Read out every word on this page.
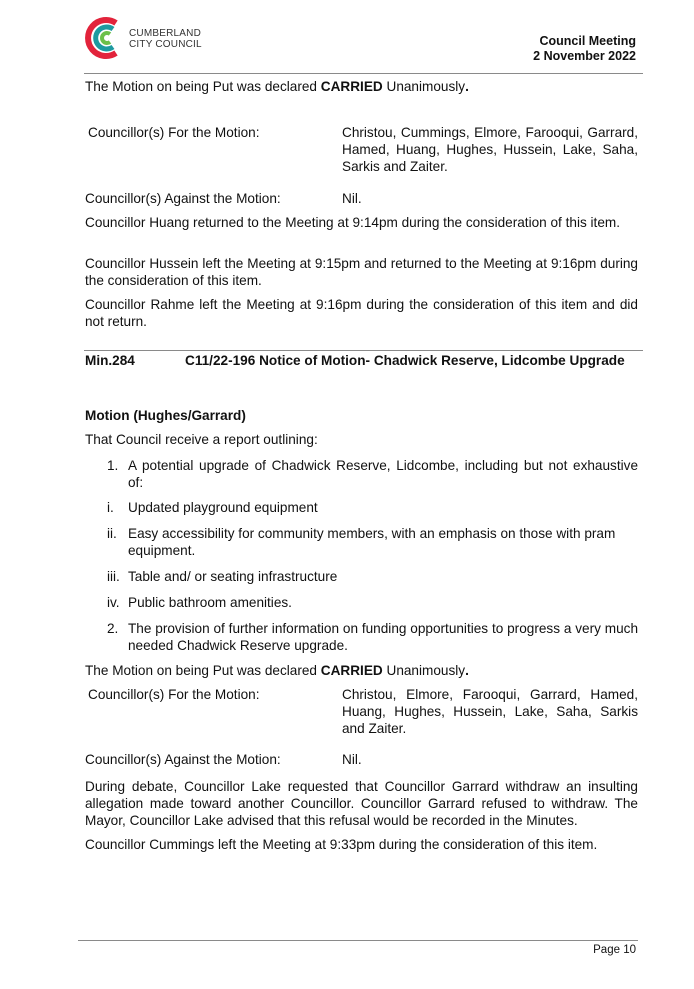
CUMBERLAND
CITY COUNCIL	Council Meeting
2 November 2022
The Motion on being Put was declared CARRIED Unanimously.
Councillor(s) For the Motion:	Christou, Cummings, Elmore, Farooqui, Garrard, Hamed, Huang, Hughes, Hussein, Lake, Saha, Sarkis and Zaiter.
Councillor(s) Against the Motion:	Nil.
Councillor Huang returned to the Meeting at 9:14pm during the consideration of this item.
Councillor Hussein left the Meeting at 9:15pm and returned to the Meeting at 9:16pm during the consideration of this item.
Councillor Rahme left the Meeting at 9:16pm during the consideration of this item and did not return.
Min.284	C11/22-196 Notice of Motion- Chadwick Reserve, Lidcombe Upgrade
Motion (Hughes/Garrard)
That Council receive a report outlining:
1. A potential upgrade of Chadwick Reserve, Lidcombe, including but not exhaustive of:
i. Updated playground equipment
ii. Easy accessibility for community members, with an emphasis on those with pram equipment.
iii. Table and/ or seating infrastructure
iv. Public bathroom amenities.
2. The provision of further information on funding opportunities to progress a very much needed Chadwick Reserve upgrade.
The Motion on being Put was declared CARRIED Unanimously.
Councillor(s) For the Motion:	Christou, Elmore, Farooqui, Garrard, Hamed, Huang, Hughes, Hussein, Lake, Saha, Sarkis and Zaiter.
Councillor(s) Against the Motion:	Nil.
During debate, Councillor Lake requested that Councillor Garrard withdraw an insulting allegation made toward another Councillor. Councillor Garrard refused to withdraw. The Mayor, Councillor Lake advised that this refusal would be recorded in the Minutes.
Councillor Cummings left the Meeting at 9:33pm during the consideration of this item.
Page 10
